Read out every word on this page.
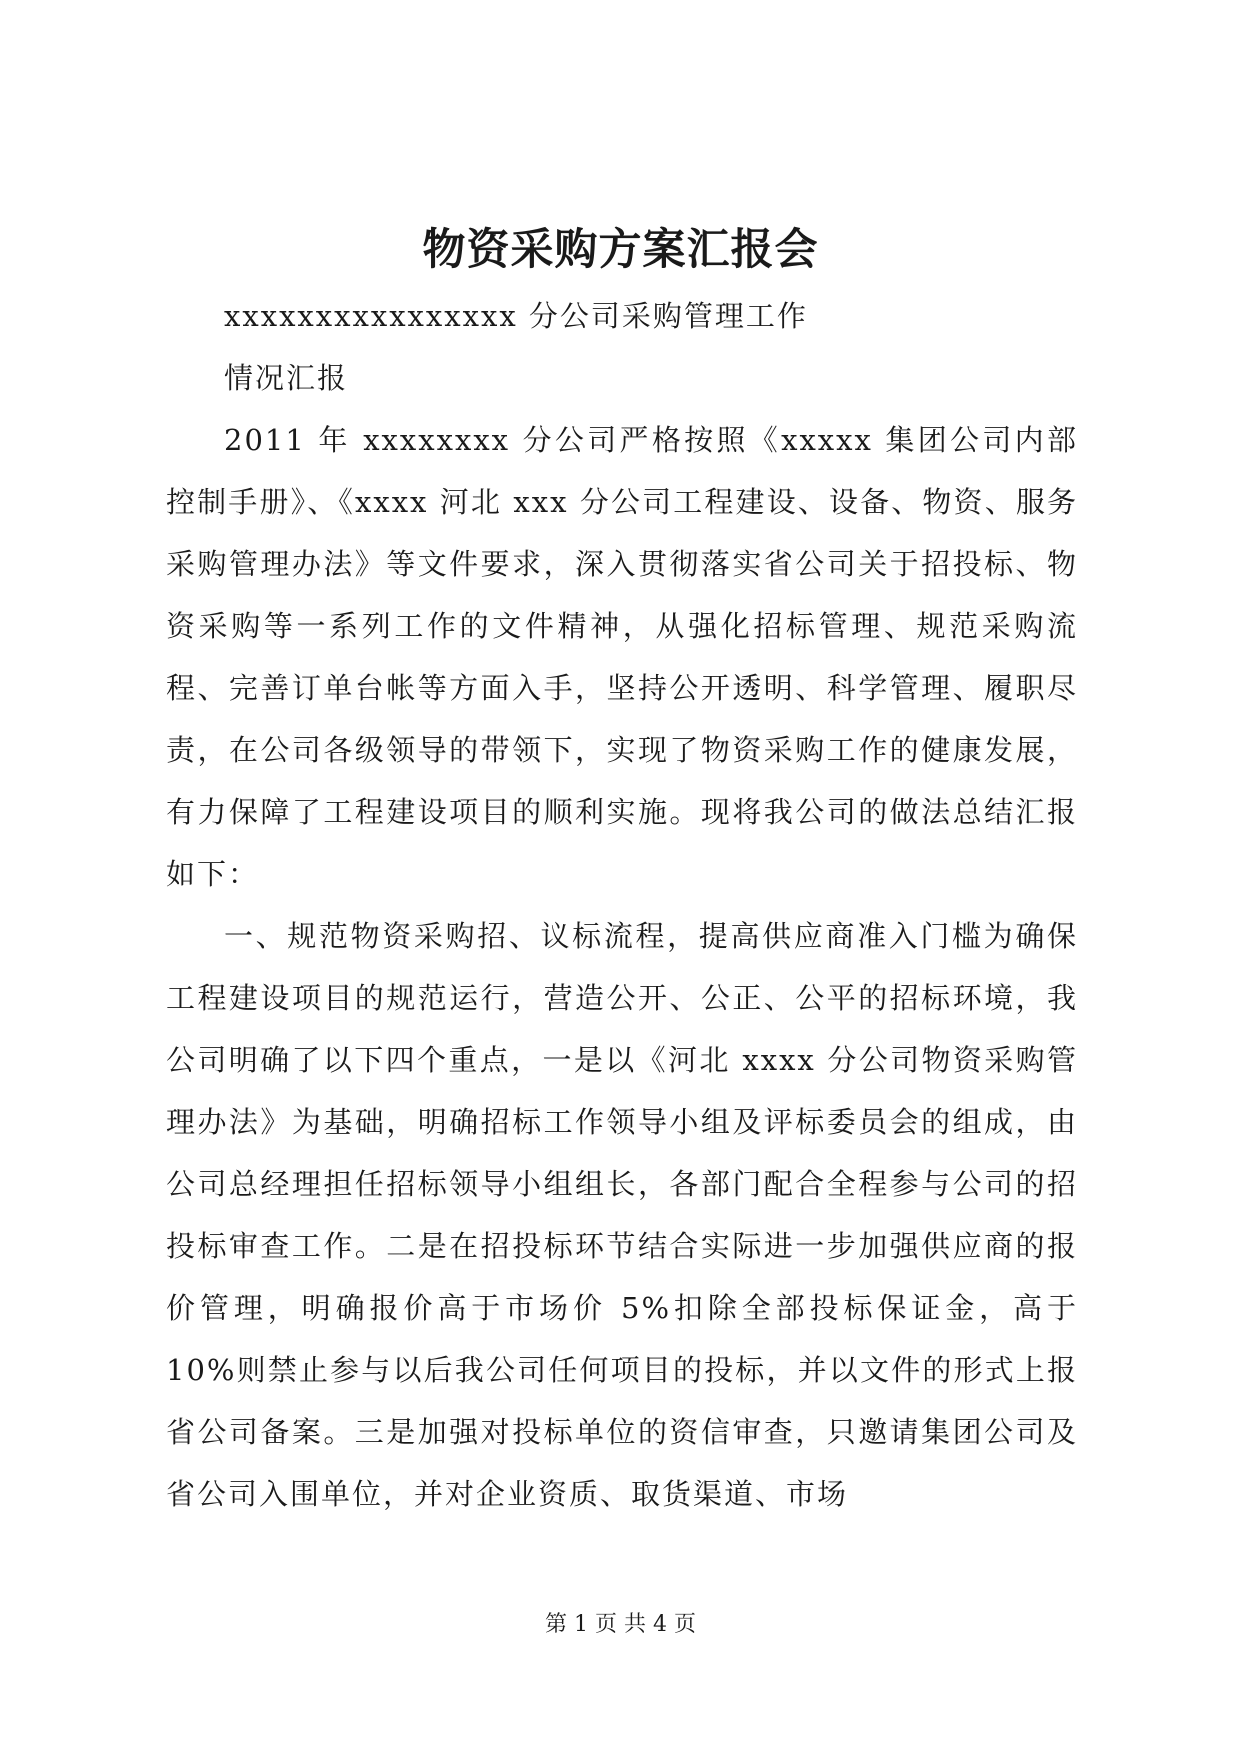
物资采购方案汇报会

xxxxxxxxxxxxxxxx 分公司采购管理工作

情况汇报

2011 年 xxxxxxxx 分公司严格按照《xxxxx 集团公司内部控制手册》、《xxxx 河北 xxx 分公司工程建设、设备、物资、服务采购管理办法》等文件要求，深入贯彻落实省公司关于招投标、物资采购等一系列工作的文件精神，从强化招标管理、规范采购流程、完善订单台帐等方面入手，坚持公开透明、科学管理、履职尽责，在公司各级领导的带领下，实现了物资采购工作的健康发展，有力保障了工程建设项目的顺利实施。现将我公司的做法总结汇报如下：

一、规范物资采购招、议标流程，提高供应商准入门槛为确保工程建设项目的规范运行，营造公开、公正、公平的招标环境，我公司明确了以下四个重点，一是以《河北 xxxx 分公司物资采购管理办法》为基础，明确招标工作领导小组及评标委员会的组成，由公司总经理担任招标领导小组组长，各部门配合全程参与公司的招投标审查工作。二是在招投标环节结合实际进一步加强供应商的报价管理，明确报价高于市场价 5%扣除全部投标保证金，高于 10%则禁止参与以后我公司任何项目的投标，并以文件的形式上报省公司备案。三是加强对投标单位的资信审查，只邀请集团公司及省公司入围单位，并对企业资质、取货渠道、市场

第 1 页 共 4 页
